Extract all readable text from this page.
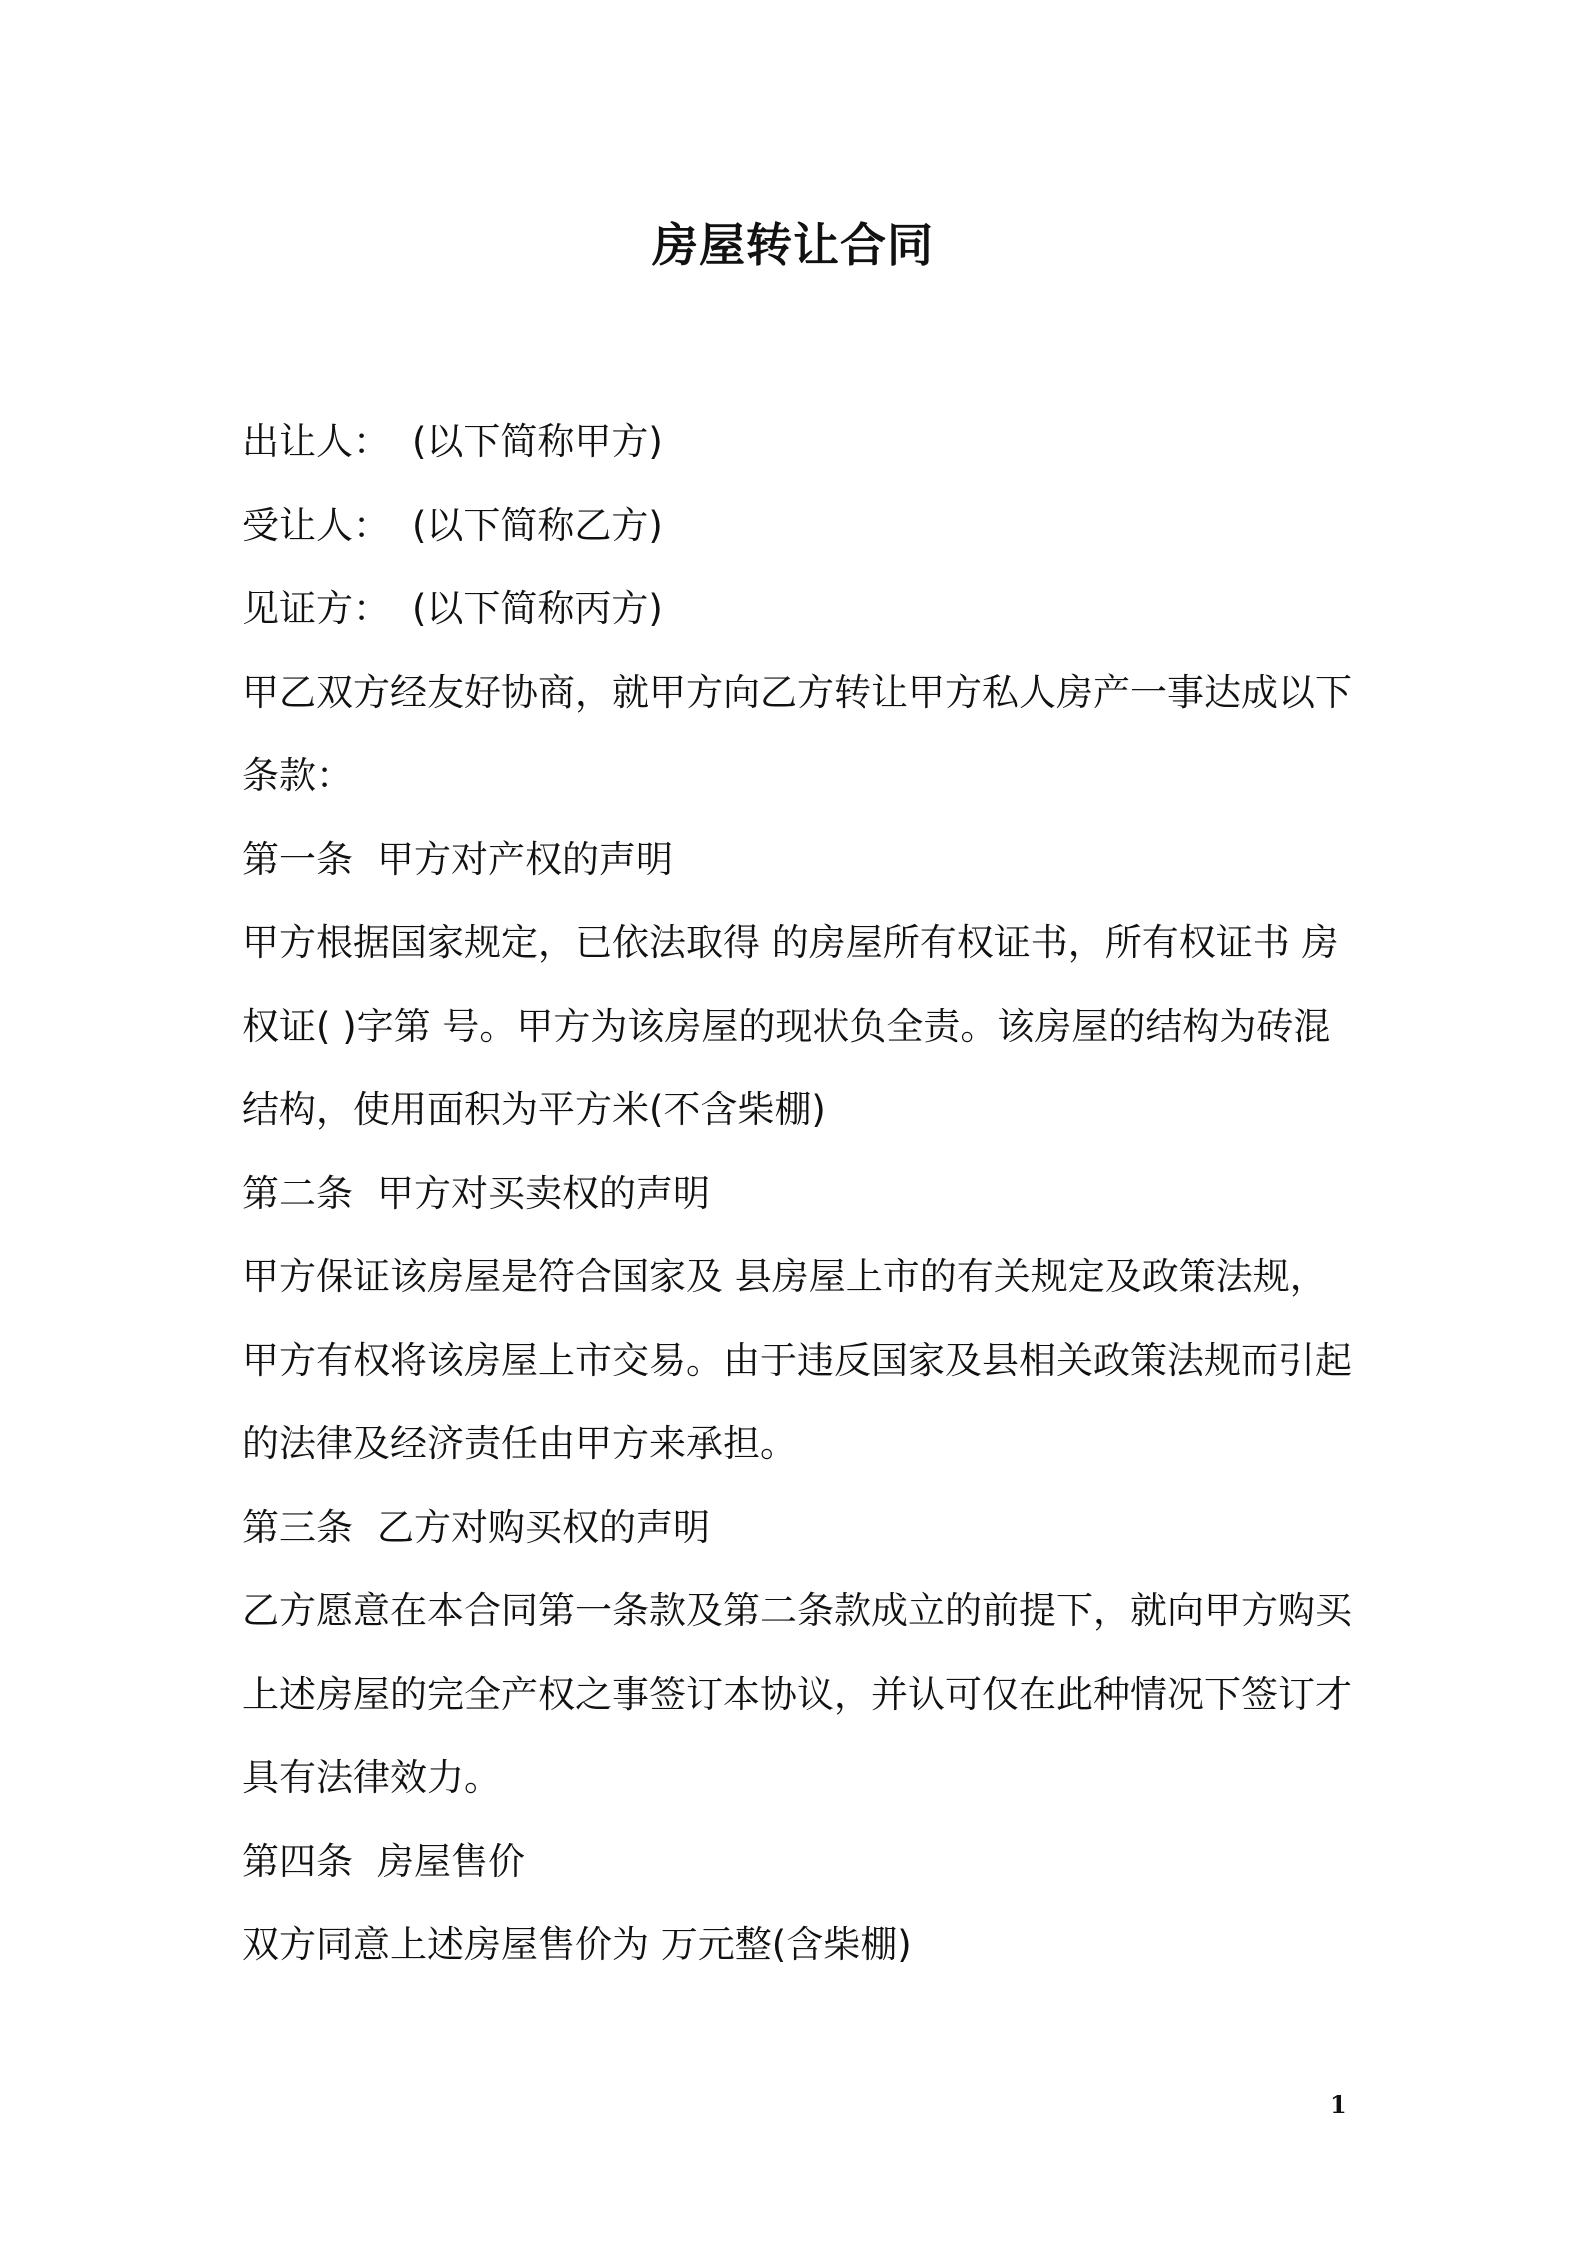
房屋转让合同
出让人： (以下简称甲方)
受让人： (以下简称乙方)
见证方： (以下简称丙方)
甲乙双方经友好协商，就甲方向乙方转让甲方私人房产一事达成以下
条款：
第一条 甲方对产权的声明
甲方根据国家规定，已依法取得 的房屋所有权证书，所有权证书 房
权证( )字第 号。甲方为该房屋的现状负全责。该房屋的结构为砖混
结构，使用面积为平方米(不含柴棚)
第二条 甲方对买卖权的声明
甲方保证该房屋是符合国家及 县房屋上市的有关规定及政策法规，
甲方有权将该房屋上市交易。由于违反国家及县相关政策法规而引起
的法律及经济责任由甲方来承担。
第三条 乙方对购买权的声明
乙方愿意在本合同第一条款及第二条款成立的前提下，就向甲方购买
上述房屋的完全产权之事签订本协议，并认可仅在此种情况下签订才
具有法律效力。
第四条 房屋售价
双方同意上述房屋售价为 万元整(含柴棚)
1
